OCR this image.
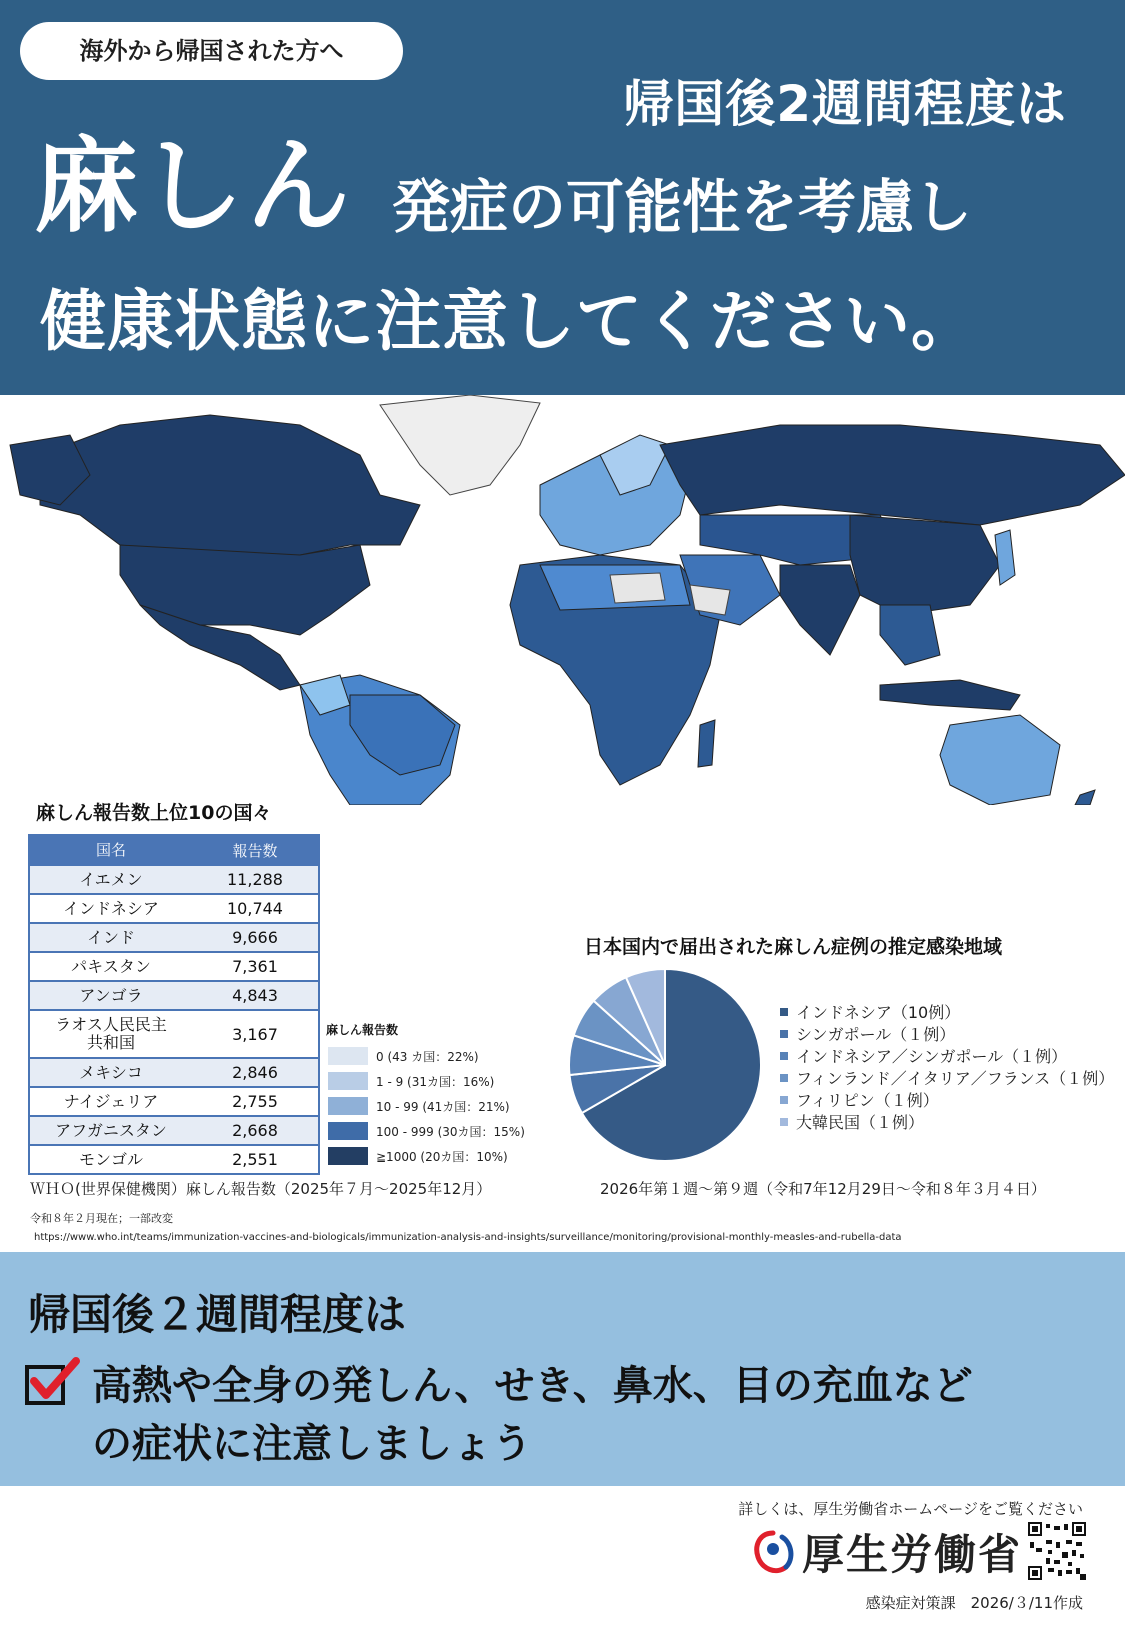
海外から帰国された方へ
帰国後2週間程度は
麻しん 発症の可能性を考慮し
健康状態に注意してください。
麻しん報告数上位10の国々
国名	報告数
イエメン	11,288
インドネシア	10,744
インド	9,666
パキスタン	7,361
アンゴラ	4,843
ラオス人民民主
共和国	3,167
メキシコ	2,846
ナイジェリア	2,755
アフガニスタン	2,668
モンゴル	2,551
麻しん報告数
0 (43 カ国：22%)
1 - 9 (31カ国：16%)
10 - 99 (41カ国：21%)
100 - 999 (30カ国：15%)
≧1000 (20カ国：10%)
日本国内で届出された麻しん症例の推定感染地域
インドネシア（10例）
シンガポール（１例）
インドネシア／シンガポール（１例）
フィンランド／イタリア／フランス（１例）
フィリピン（１例）
大韓民国（１例）
ＷＨＯ(世界保健機関）麻しん報告数（2025年７月～2025年12月）	2026年第１週～第９週（令和7年12月29日～令和８年３月４日）
令和８年２月現在；一部改変
https://www.who.int/teams/immunization-vaccines-and-biologicals/immunization-analysis-and-insights/surveillance/monitoring/provisional-monthly-measles-and-rubella-data
帰国後２週間程度は
高熱や全身の発しん、せき、鼻水、目の充血など
の症状に注意しましょう
詳しくは、厚生労働省ホームページをご覧ください
厚生労働省
感染症対策課　2026/３/11作成
